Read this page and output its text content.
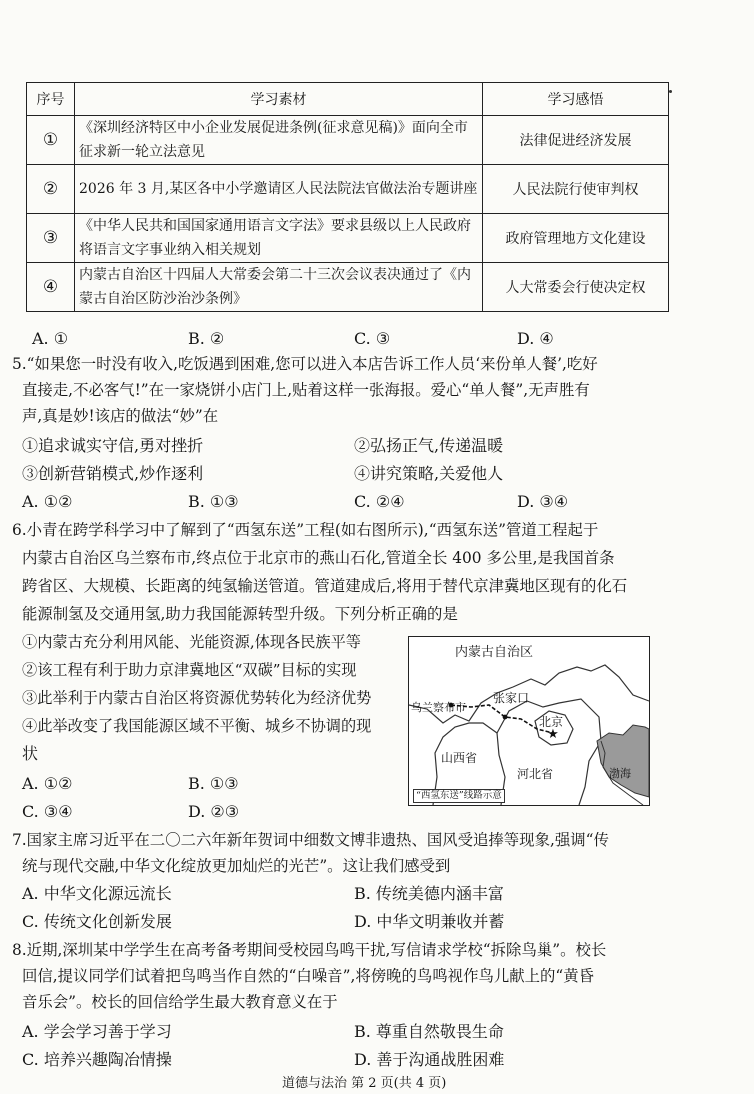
序号	学习素材	学习感悟
①	《深圳经济特区中小企业发展促进条例(征求意见稿)》面向全市征求新一轮立法意见	法律促进经济发展
②	2026 年 3 月,某区各中小学邀请区人民法院法官做法治专题讲座	人民法院行使审判权
③	《中华人民共和国国家通用语言文字法》要求县级以上人民政府将语言文字事业纳入相关规划	政府管理地方文化建设
④	内蒙古自治区十四届人大常委会第二十三次会议表决通过了《内蒙古自治区防沙治沙条例》	人大常委会行使决定权
A. ①	B. ②	C. ③	D. ④
5.“如果您一时没有收入,吃饭遇到困难,您可以进入本店告诉工作人员‘来份单人餐’,吃好
直接走,不必客气!”在一家烧饼小店门上,贴着这样一张海报。爱心“单人餐”,无声胜有
声,真是妙!该店的做法“妙”在
①追求诚实守信,勇对挫折	②弘扬正气,传递温暖
③创新营销模式,炒作逐利	④讲究策略,关爱他人
A. ①②	B. ①③	C. ②④	D. ③④
6.小青在跨学科学习中了解到了“西氢东送”工程(如右图所示),“西氢东送”管道工程起于
内蒙古自治区乌兰察布市,终点位于北京市的燕山石化,管道全长 400 多公里,是我国首条
跨省区、大规模、长距离的纯氢输送管道。管道建成后,将用于替代京津冀地区现有的化石
能源制氢及交通用氢,助力我国能源转型升级。下列分析正确的是
①内蒙古充分利用风能、光能资源,体现各民族平等
②该工程有利于助力京津冀地区“双碳”目标的实现
③此举利于内蒙古自治区将资源优势转化为经济优势
④此举改变了我国能源区域不平衡、城乡不协调的现
状
A. ①②	B. ①③
C. ③④	D. ②③
★
内蒙古自治区
乌兰察布市
张家口
北京
山西省
河北省	渤海
“西氢东送”线路示意
7.国家主席习近平在二〇二六年新年贺词中细数文博非遗热、国风受追捧等现象,强调“传
统与现代交融,中华文化绽放更加灿烂的光芒”。这让我们感受到
A. 中华文化源远流长	B. 传统美德内涵丰富
C. 传统文化创新发展	D. 中华文明兼收并蓄
8.近期,深圳某中学学生在高考备考期间受校园鸟鸣干扰,写信请求学校“拆除鸟巢”。校长
回信,提议同学们试着把鸟鸣当作自然的“白噪音”,将傍晚的鸟鸣视作鸟儿献上的“黄昏
音乐会”。校长的回信给学生最大教育意义在于
A. 学会学习善于学习	B. 尊重自然敬畏生命
C. 培养兴趣陶冶情操	D. 善于沟通战胜困难
道德与法治 第 2 页(共 4 页)
